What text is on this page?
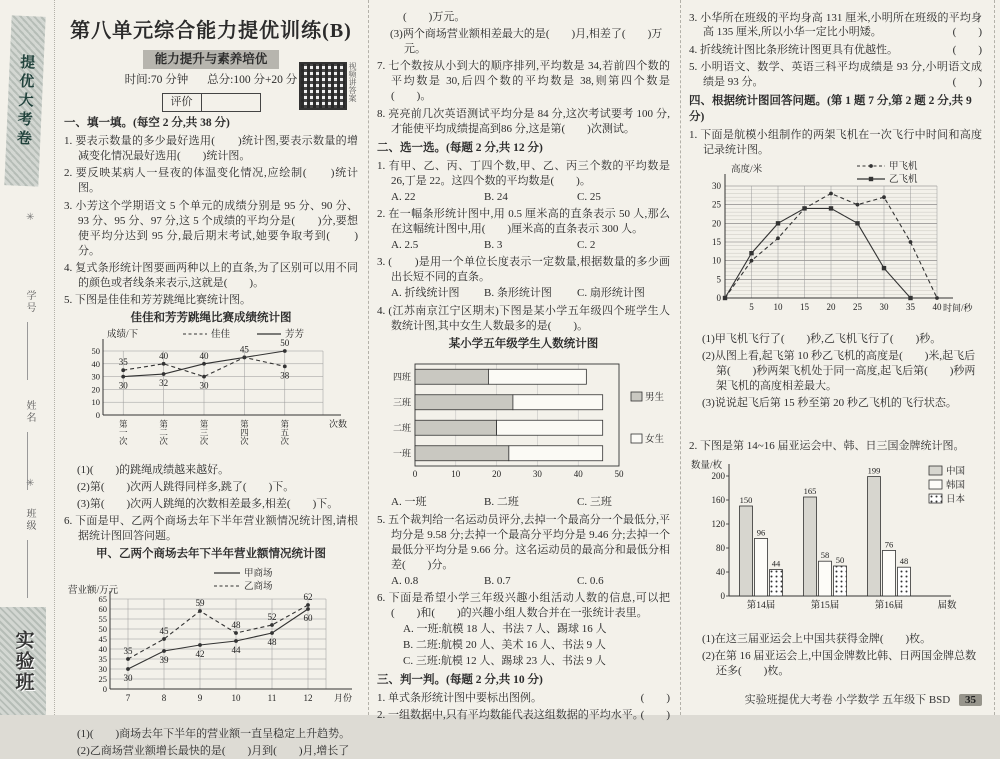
提优大考卷
✳
学号
姓名
✳
班级
实验班
第八单元综合能力提优训练(B)
能力提升与素养培优
时间:70 分钟 总分:100 分+20 分
评价	视频讲答案
一、填一填。(每空 2 分,共 38 分)
1. 要表示数量的多少最好选用(　　)统计图,要表示数量的增减变化情况最好选用(　　)统计图。
2. 要反映某病人一昼夜的体温变化情况,应绘制(　　)统计图。
3. 小芳这个学期语文 5 个单元的成绩分别是 95 分、90 分、93 分、95 分、97 分,这 5 个成绩的平均分是(　　)分,要想使平均分达到 95 分,最后期末考试,她要争取考到(　　)分。
4. 复式条形统计图要画两种以上的直条,为了区别可以用不同的颜色或者线条来表示,这就是(　　)。
5. 下图是佳佳和芳芳跳绳比赛统计图。
佳佳和芳芳跳绳比赛成绩统计图
0
10
20
30
40
50
成绩/下	佳佳	芳芳
35
30
40
32
40
30
45
50
38
第一次
第二次
第三次
第四次
第五次
次数
(1)(　　)的跳绳成绩越来越好。
(2)第(　　)次两人跳得同样多,跳了(　　)下。
(3)第(　　)次两人跳绳的次数相差最多,相差(　　)下。
6. 下面是甲、乙两个商场去年下半年营业额情况统计图,请根据统计图回答问题。
甲、乙两个商场去年下半年营业额情况统计图
甲商场
乙商场
营业额/万元
0
25
30
35
40
45
50
55
60
65
35
30
45
39
59
42
48
44
52
48
62
60
7	8	9	10	11	12 月份
(1)(　　)商场去年下半年的营业额一直呈稳定上升趋势。
(2)乙商场营业额增长最快的是(　　)月到(　　)月,增长了
(　　)万元。
(3)两个商场营业额相差最大的是(　　)月,相差了(　　)万元。
7. 七个数按从小到大的顺序排列,平均数是 34,若前四个数的平均数是 30,后四个数的平均数是 38,则第四个数是(　　)。
8. 亮亮前几次英语测试平均分是 84 分,这次考试要考 100 分,才能使平均成绩提高到86 分,这是第(　　)次测试。
二、选一选。(每题 2 分,共 12 分)
1. 有甲、乙、丙、丁四个数,甲、乙、丙三个数的平均数是 26,丁是 22。这四个数的平均数是(　　)。
A. 22	B. 24	C. 25
2. 在一幅条形统计图中,用 0.5 厘米高的直条表示 50 人,那么在这幅统计图中,用(　　)厘米高的直条表示 300 人。
A. 2.5	B. 3	C. 2
3. (　　)是用一个单位长度表示一定数量,根据数量的多少画出长短不同的直条。
A. 折线统计图	B. 条形统计图	C. 扇形统计图
4. (江苏南京江宁区期末)下图是某小学五年级四个班学生人数统计图,其中女生人数最多的是(　　)。
某小学五年级学生人数统计图
0	10	20	30	40	50
一班
二班
三班
四班
男生
女生
A. 一班	B. 二班	C. 三班
5. 五个裁判给一名运动员评分,去掉一个最高分一个最低分,平均分是 9.58 分;去掉一个最高分平均分是 9.46 分;去掉一个最低分平均分是 9.66 分。这名运动员的最高分和最低分相差(　　)分。
A. 0.8	B. 0.7	C. 0.6
6. 下面是希望小学三年级兴趣小组活动人数的信息,可以把(　　)和(　　)的兴趣小组人数合并在一张统计表里。
A. 一班:航模 18 人、书法 7 人、踢球 16 人
B. 二班:航模 20 人、美术 16 人、书法 9 人
C. 三班:航模 12 人、踢球 23 人、书法 9 人
三、判一判。(每题 2 分,共 10 分)
1. 单式条形统计图中要标出图例。	(　　)
2. 一组数据中,只有平均数能代表这组数据的平均水平。
(　　)
3. 小华所在班级的平均身高 131 厘米,小明所在班级的平均身高 135 厘米,所以小华一定比小明矮。	(　　)
4. 折线统计图比条形统计图更具有优越性。	(　　)
5. 小明语文、数学、英语三科平均成绩是 93 分,小明语文成绩是 93 分。	(　　)
四、根据统计图回答问题。(第 1 题 7 分,第 2 题 2 分,共 9 分)
1. 下面是航模小组制作的两架飞机在一次飞行中时间和高度记录统计图。
甲飞机
乙飞机
0
5
10
15
20
25
30
高度/米
5 10 15 20 25 30 35 40 时间/秒
(1)甲飞机飞行了(　　)秒,乙飞机飞行了(　　)秒。
(2)从图上看,起飞第 10 秒乙飞机的高度是(　　)米,起飞后第(　　)秒两架飞机处于同一高度,起飞后第(　　)秒两架飞机的高度相差最大。
(3)说说起飞后第 15 秒至第 20 秒乙飞机的飞行状态。
2. 下图是第 14~16 届亚运会中、韩、日三国金牌统计图。
0
40
80
120
160
200
数量/枚
150
96
44
第14届
165
58 50
第15届
199
76
48
第16届	届数
中国
韩国
日本
(1)在这三届亚运会上中国共获得金牌(　　)枚。
(2)在第 16 届亚运会上,中国金牌数比韩、日两国金牌总数还多(　　)枚。
实验班提优大考卷 小学数学 五年级下 BSD 35
